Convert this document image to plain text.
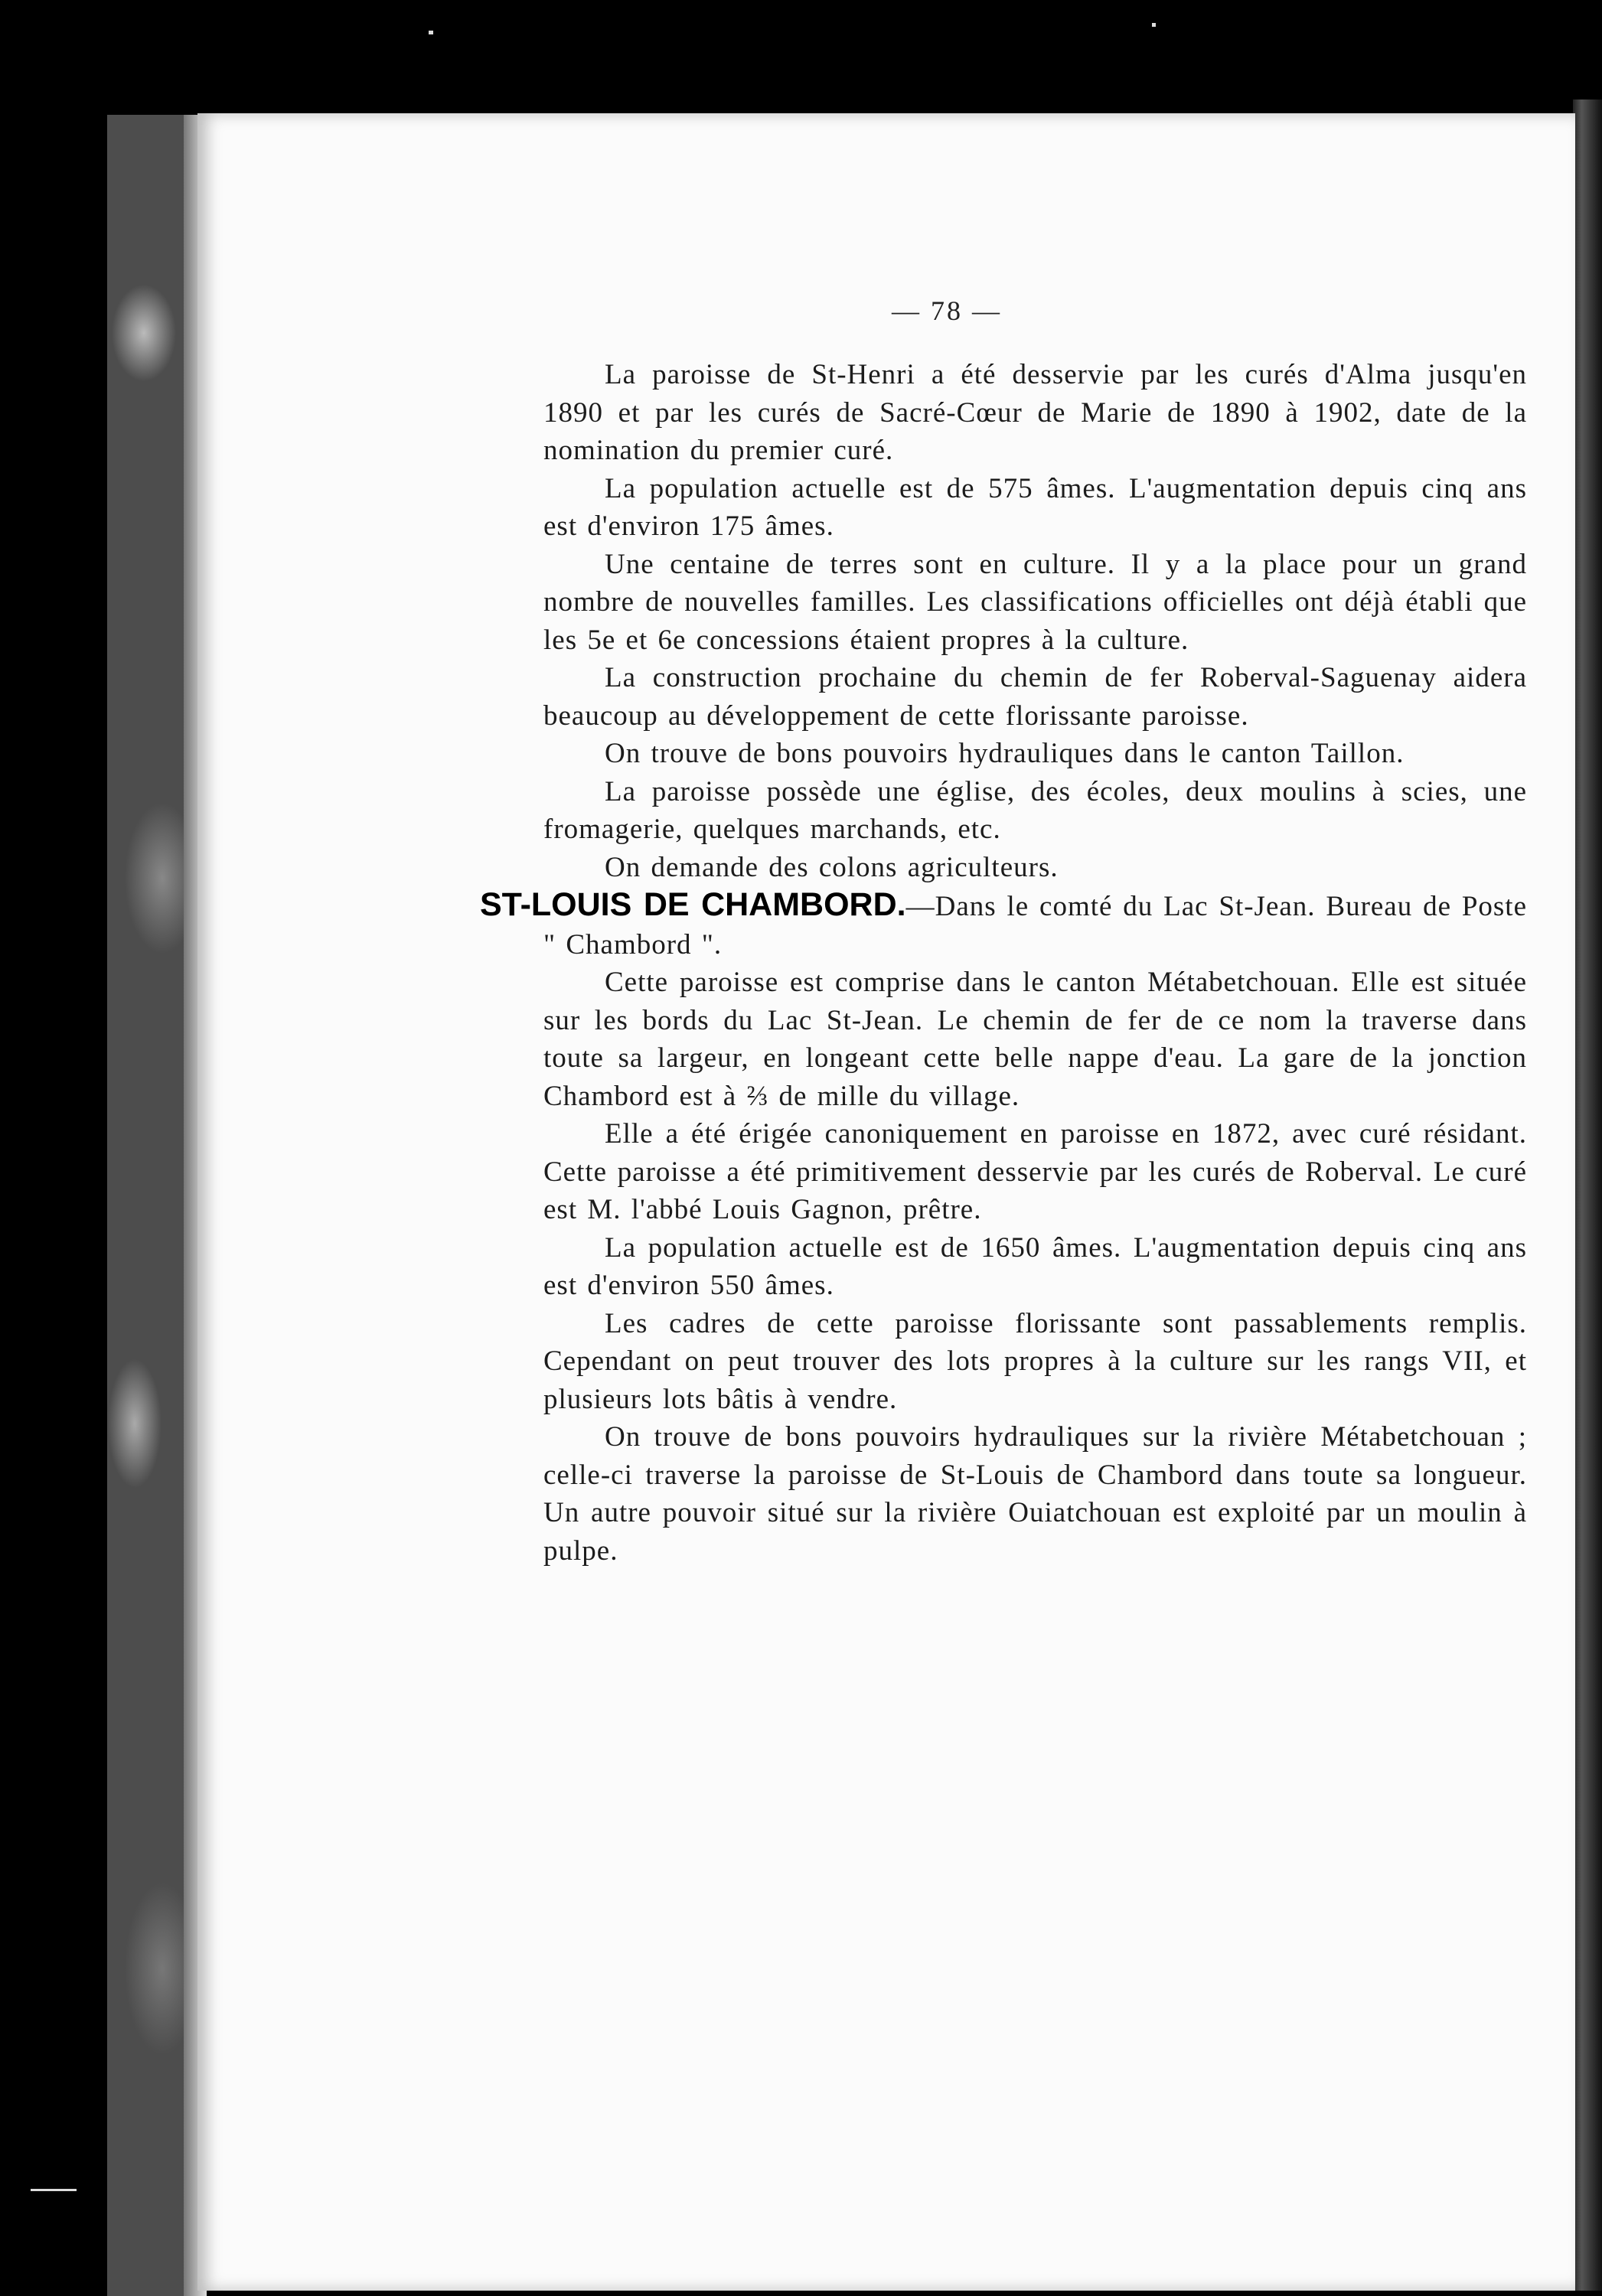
— 78 —

La paroisse de St-Henri a été desservie par les curés d'Alma jusqu'en 1890 et par les curés de Sacré-Cœur de Marie de 1890 à 1902, date de la nomination du premier curé.

La population actuelle est de 575 âmes. L'augmentation depuis cinq ans est d'environ 175 âmes.

Une centaine de terres sont en culture. Il y a la place pour un grand nombre de nouvelles familles. Les classifications officielles ont déjà établi que les 5e et 6e concessions étaient propres à la culture.

La construction prochaine du chemin de fer Roberval-Saguenay aidera beaucoup au développement de cette florissante paroisse.

On trouve de bons pouvoirs hydrauliques dans le canton Taillon.

La paroisse possède une église, des écoles, deux moulins à scies, une fromagerie, quelques marchands, etc.

On demande des colons agriculteurs.

ST-LOUIS DE CHAMBORD.—Dans le comté du Lac St-Jean. Bureau de Poste " Chambord ".

Cette paroisse est comprise dans le canton Métabetchouan. Elle est située sur les bords du Lac St-Jean. Le chemin de fer de ce nom la traverse dans toute sa largeur, en longeant cette belle nappe d'eau. La gare de la jonction Chambord est à ⅔ de mille du village.

Elle a été érigée canoniquement en paroisse en 1872, avec curé résidant. Cette paroisse a été primitivement desservie par les curés de Roberval. Le curé est M. l'abbé Louis Gagnon, prêtre.

La population actuelle est de 1650 âmes. L'augmentation depuis cinq ans est d'environ 550 âmes.

Les cadres de cette paroisse florissante sont passablements remplis. Cependant on peut trouver des lots propres à la culture sur les rangs VII, et plusieurs lots bâtis à vendre.

On trouve de bons pouvoirs hydrauliques sur la rivière Métabetchouan ; celle-ci traverse la paroisse de St-Louis de Chambord dans toute sa longueur. Un autre pouvoir situé sur la rivière Ouiatchouan est exploité par un moulin à pulpe.
